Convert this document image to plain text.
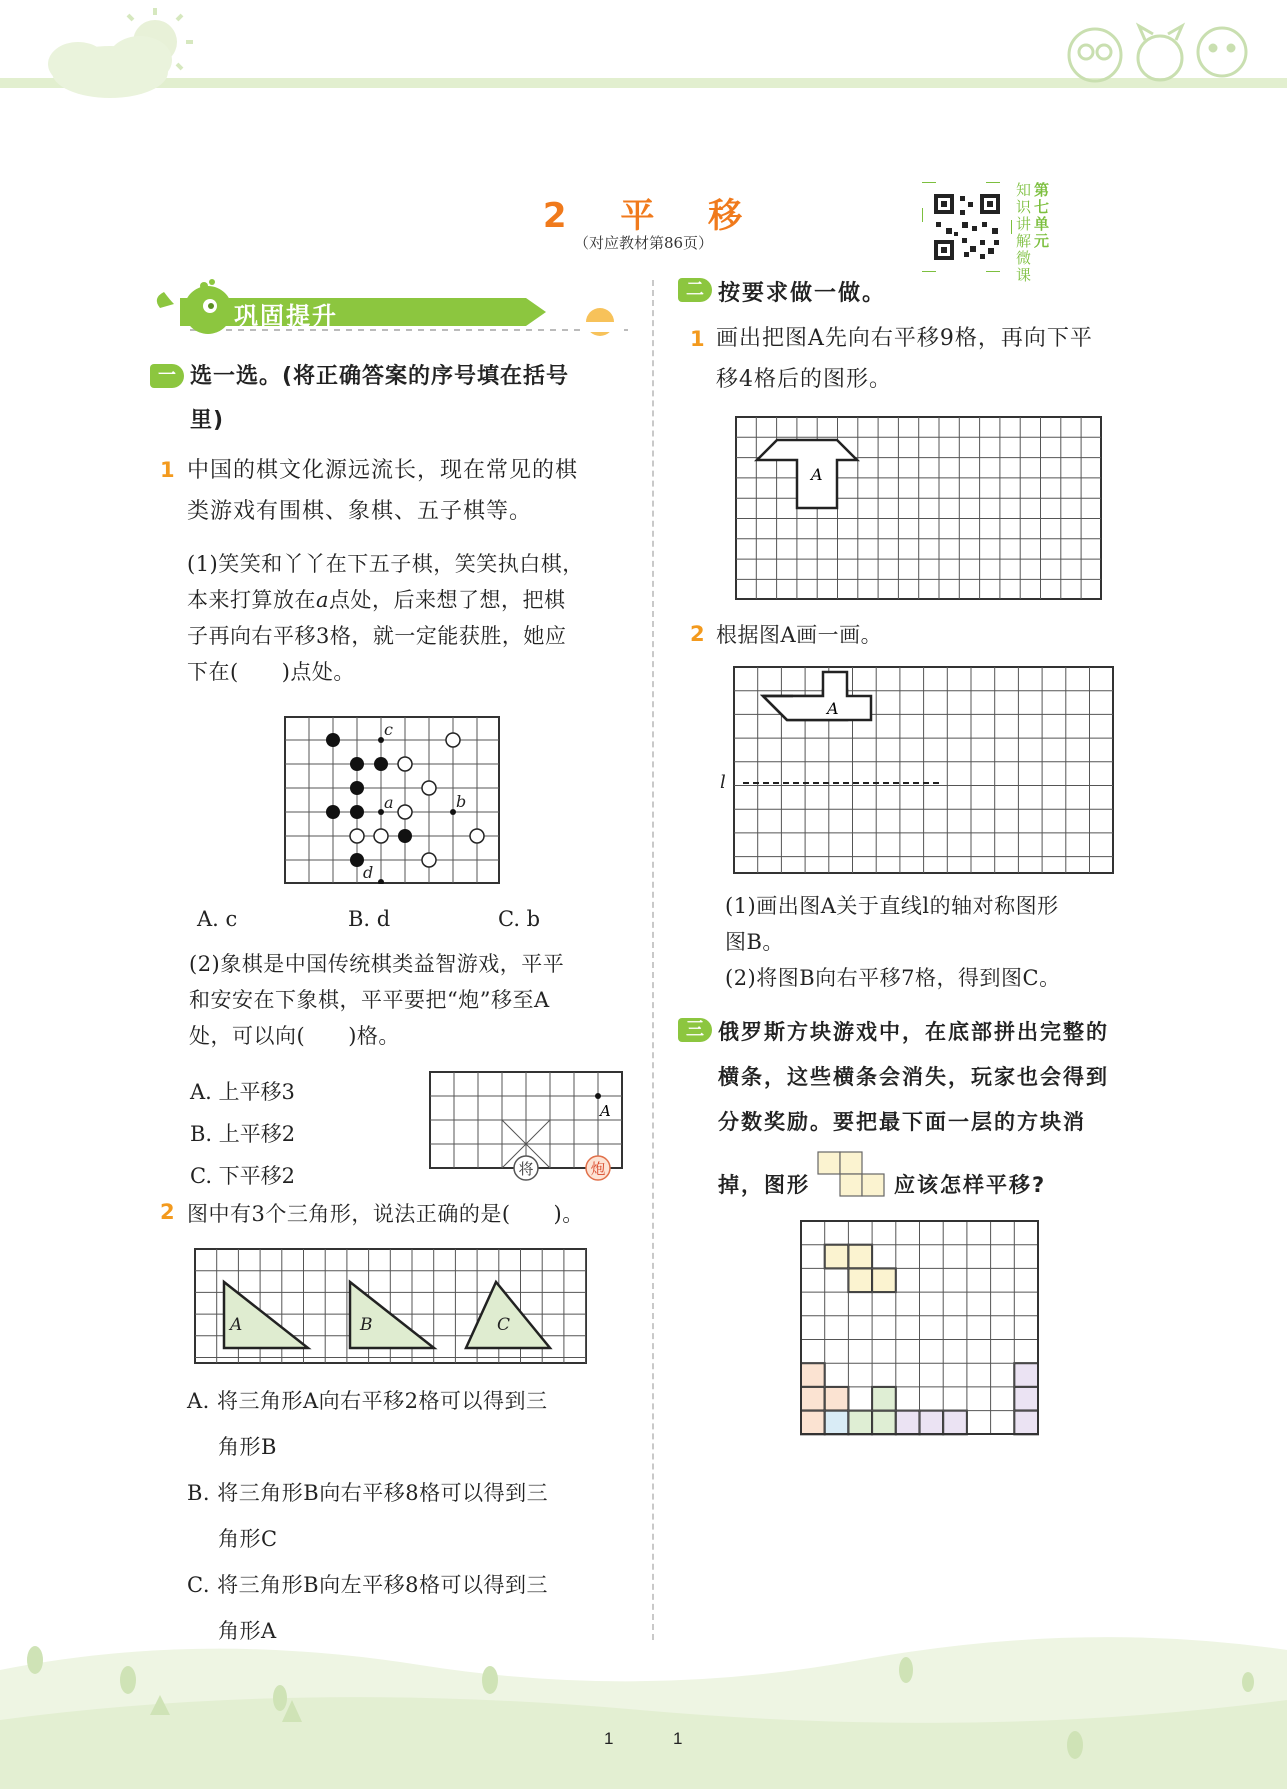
2 平 移
（对应教材第86页）
知识讲解微课
第七单元
巩固提升
一 选一选。(将正确答案的序号填在括号
里)
1 中国的棋文化源远流长，现在常见的棋
类游戏有围棋、象棋、五子棋等。
(1)笑笑和丫丫在下五子棋，笑笑执白棋，
本来打算放在a点处，后来想了想，把棋
子再向右平移3格，就一定能获胜，她应
下在(　　)点处。
c
a	b
d
A. c	B. d	C. b
(2)象棋是中国传统棋类益智游戏，平平
和安安在下象棋，平平要把“炮”移至A
处，可以向(　　)格。
A. 上平移3
B. 上平移2
C. 下平移2
A
将	炮
2 图中有3个三角形，说法正确的是(　　)。
A	B	C
A. 将三角形A向右平移2格可以得到三
角形B
B. 将三角形B向右平移8格可以得到三
角形C
C. 将三角形B向左平移8格可以得到三
角形A
二 按要求做一做。
1 画出把图A先向右平移9格，再向下平
移4格后的图形。
A
2 根据图A画一画。
A
l
(1)画出图A关于直线l的轴对称图形
图B。
(2)将图B向右平移7格，得到图C。
三 俄罗斯方块游戏中，在底部拼出完整的
横条，这些横条会消失，玩家也会得到
分数奖励。要把最下面一层的方块消
掉，图形	应该怎样平移?
1	1
